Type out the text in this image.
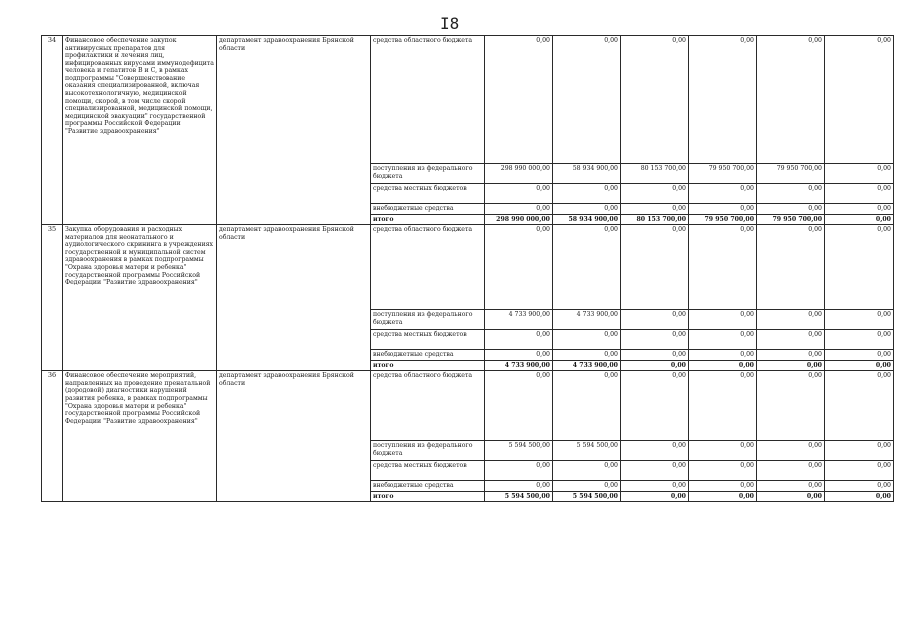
I8
34	Финансовое обеспечение закупок антивирусных препаратов для профилактики и лечения лиц, инфицированных вирусами иммунодефицита человека и гепатитов B и C, в рамках подпрограммы "Совершенствование оказания специализированной, включая высокотехнологичную, медицинской помощи, скорой, в том числе скорой специализированной, медицинской помощи, медицинской эвакуации" государственной программы Российской Федерации "Развитие здравоохранения"	департамент здравоохранения Брянской области	средства областного бюджета	0,00	0,00	0,00	0,00	0,00	0,00
			поступления из федерального бюджета	298 990 000,00	58 934 900,00	80 153 700,00	79 950 700,00	79 950 700,00	0,00
			средства местных бюджетов	0,00	0,00	0,00	0,00	0,00	0,00
			внебюджетные средства	0,00	0,00	0,00	0,00	0,00	0,00
			итого	298 990 000,00	58 934 900,00	80 153 700,00	79 950 700,00	79 950 700,00	0,00
35	Закупка оборудования и расходных материалов для неонатального и аудиологического скрининга в учреждениях государственной и муниципальной систем здравоохранения в рамках подпрограммы "Охрана здоровья матери и ребенка" государственной программы Российской Федерации "Развитие здравоохранения"	департамент здравоохранения Брянской области	средства областного бюджета	0,00	0,00	0,00	0,00	0,00	0,00
			поступления из федерального бюджета	4 733 900,00	4 733 900,00	0,00	0,00	0,00	0,00
			средства местных бюджетов	0,00	0,00	0,00	0,00	0,00	0,00
			внебюджетные средства	0,00	0,00	0,00	0,00	0,00	0,00
			итого	4 733 900,00	4 733 900,00	0,00	0,00	0,00	0,00
36	Финансовое обеспечение мероприятий, направленных на проведение пренатальной (дородовой) диагностики нарушений развития ребенка, в рамках подпрограммы "Охрана здоровья матери и ребенка" государственной программы Российской Федерации "Развитие здравоохранения"	департамент здравоохранения Брянской области	средства областного бюджета	0,00	0,00	0,00	0,00	0,00	0,00
			поступления из федерального бюджета	5 594 500,00	5 594 500,00	0,00	0,00	0,00	0,00
			средства местных бюджетов	0,00	0,00	0,00	0,00	0,00	0,00
			внебюджетные средства	0,00	0,00	0,00	0,00	0,00	0,00
			итого	5 594 500,00	5 594 500,00	0,00	0,00	0,00	0,00
